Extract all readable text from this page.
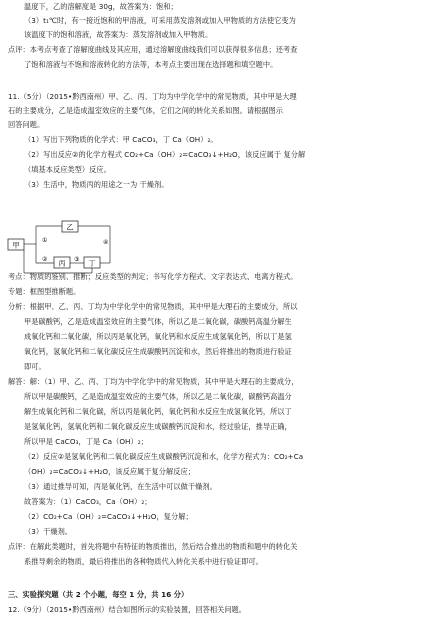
温度下，乙的溶解度是 30g，故答案为：饱和；
（3）t₁℃时，有一接近饱和的甲溶液，可采用蒸发溶剂或加入甲物质的方法使它变为
该温度下的饱和溶液，故答案为：蒸发溶剂或加入甲物质。
点评：本考点考查了溶解度曲线及其应用，通过溶解度曲线我们可以获得很多信息；还考查
了饱和溶液与不饱和溶液转化的方法等，本考点主要出现在选择题和填空题中。
11.（5分）（2015•黔西南州）甲、乙、丙、丁均为中学化学中的常见物质，其中甲是大理
石的主要成分，乙是造成温室效应的主要气体，它们之间的转化关系如图。请根据图示
回答问题。
（1）写出下列物质的化学式：甲 CaCO₃，丁 Ca（OH）₂。
（2）写出反应②的化学方程式 CO₂+Ca（OH）₂=CaCO₃↓+H₂O，该反应属于 复分解
（填基本反应类型）反应。
（3）生活中，物质丙的用途之一为 干燥剂。
甲
乙
丙	丁
①
②	③
④
考点：物质的鉴别、推断；反应类型的判定；书写化学方程式、文字表达式、电离方程式。
专题：框图型推断题。
分析：根据甲、乙、丙、丁均为中学化学中的常见物质，其中甲是大理石的主要成分，所以
甲是碳酸钙，乙是造成温室效应的主要气体，所以乙是二氧化碳，碳酸钙高温分解生
成氧化钙和二氧化碳，所以丙是氧化钙，氧化钙和水反应生成氢氧化钙，所以丁是氢
氧化钙，氢氧化钙和二氧化碳反应生成碳酸钙沉淀和水，然后将推出的物质进行验证
即可。
解答：解：（1）甲、乙、丙、丁均为中学化学中的常见物质，其中甲是大理石的主要成分，
所以甲是碳酸钙，乙是造成温室效应的主要气体，所以乙是二氧化碳，碳酸钙高温分
解生成氧化钙和二氧化碳，所以丙是氧化钙，氧化钙和水反应生成氢氧化钙，所以丁
是氢氧化钙，氢氧化钙和二氧化碳反应生成碳酸钙沉淀和水，经过验证，推导正确，
所以甲是 CaCO₃，丁是 Ca（OH）₂；
（2）反应②是氢氧化钙和二氧化碳反应生成碳酸钙沉淀和水，化学方程式为：CO₂+Ca
（OH）₂=CaCO₃↓+H₂O，该反应属于复分解反应；
（3）通过推导可知，丙是氧化钙，在生活中可以做干燥剂。
故答案为：（1）CaCO₃，Ca（OH）₂；
（2）CO₂+Ca（OH）₂=CaCO₃↓+H₂O，复分解；
（3）干燥剂。
点评：在解此类题时，首先将题中有特征的物质推出，然后结合推出的物质和题中的转化关
系推导剩余的物质，最后将推出的各种物质代入转化关系中进行验证即可。
三、实验探究题（共 2 个小题，每空 1 分，共 16 分）
12.（9分）（2015•黔西南州）结合如图所示的实验装置，回答相关问题。
